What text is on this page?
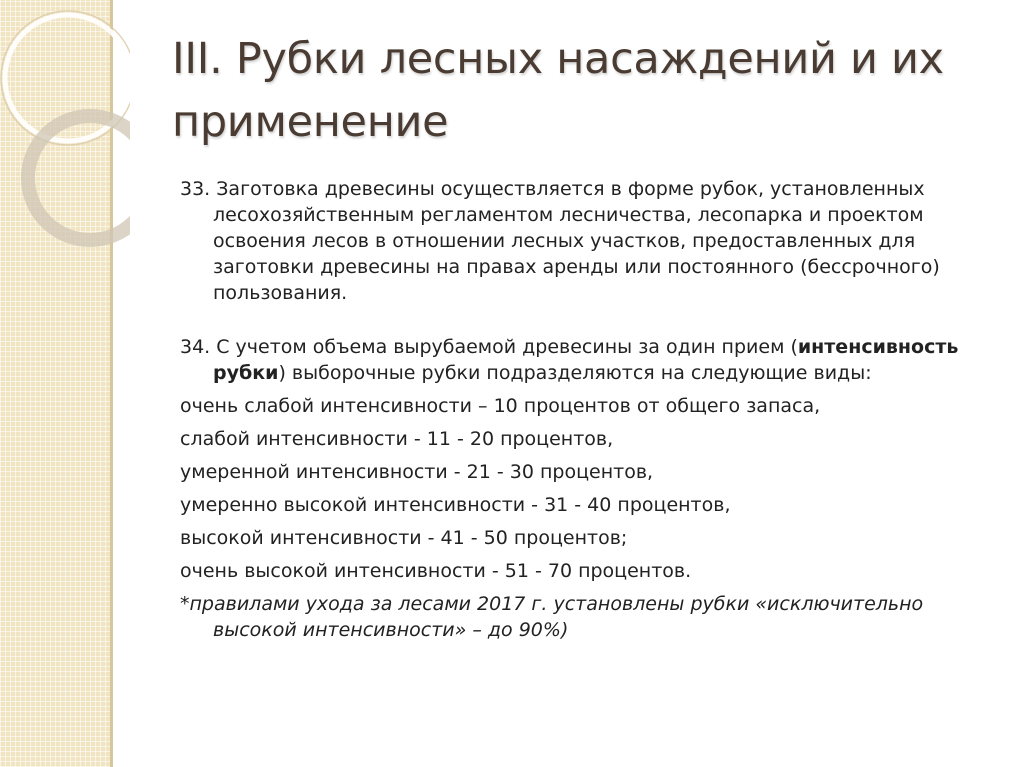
III. Рубки лесных насаждений и их применение

33. Заготовка древесины осуществляется в форме рубок, установленных лесохозяйственным регламентом лесничества, лесопарка и проектом освоения лесов в отношении лесных участков, предоставленных для заготовки древесины на правах аренды или постоянного (бессрочного) пользования.

34. С учетом объема вырубаемой древесины за один прием (интенсивность рубки) выборочные рубки подразделяются на следующие виды:

очень слабой интенсивности – 10 процентов от общего запаса,

слабой интенсивности - 11 - 20 процентов,

умеренной интенсивности - 21 - 30 процентов,

умеренно высокой интенсивности - 31 - 40 процентов,

высокой интенсивности - 41 - 50 процентов;

очень высокой интенсивности - 51 - 70 процентов.

*правилами ухода за лесами 2017 г. установлены рубки «исключительно высокой интенсивности» – до 90%)
